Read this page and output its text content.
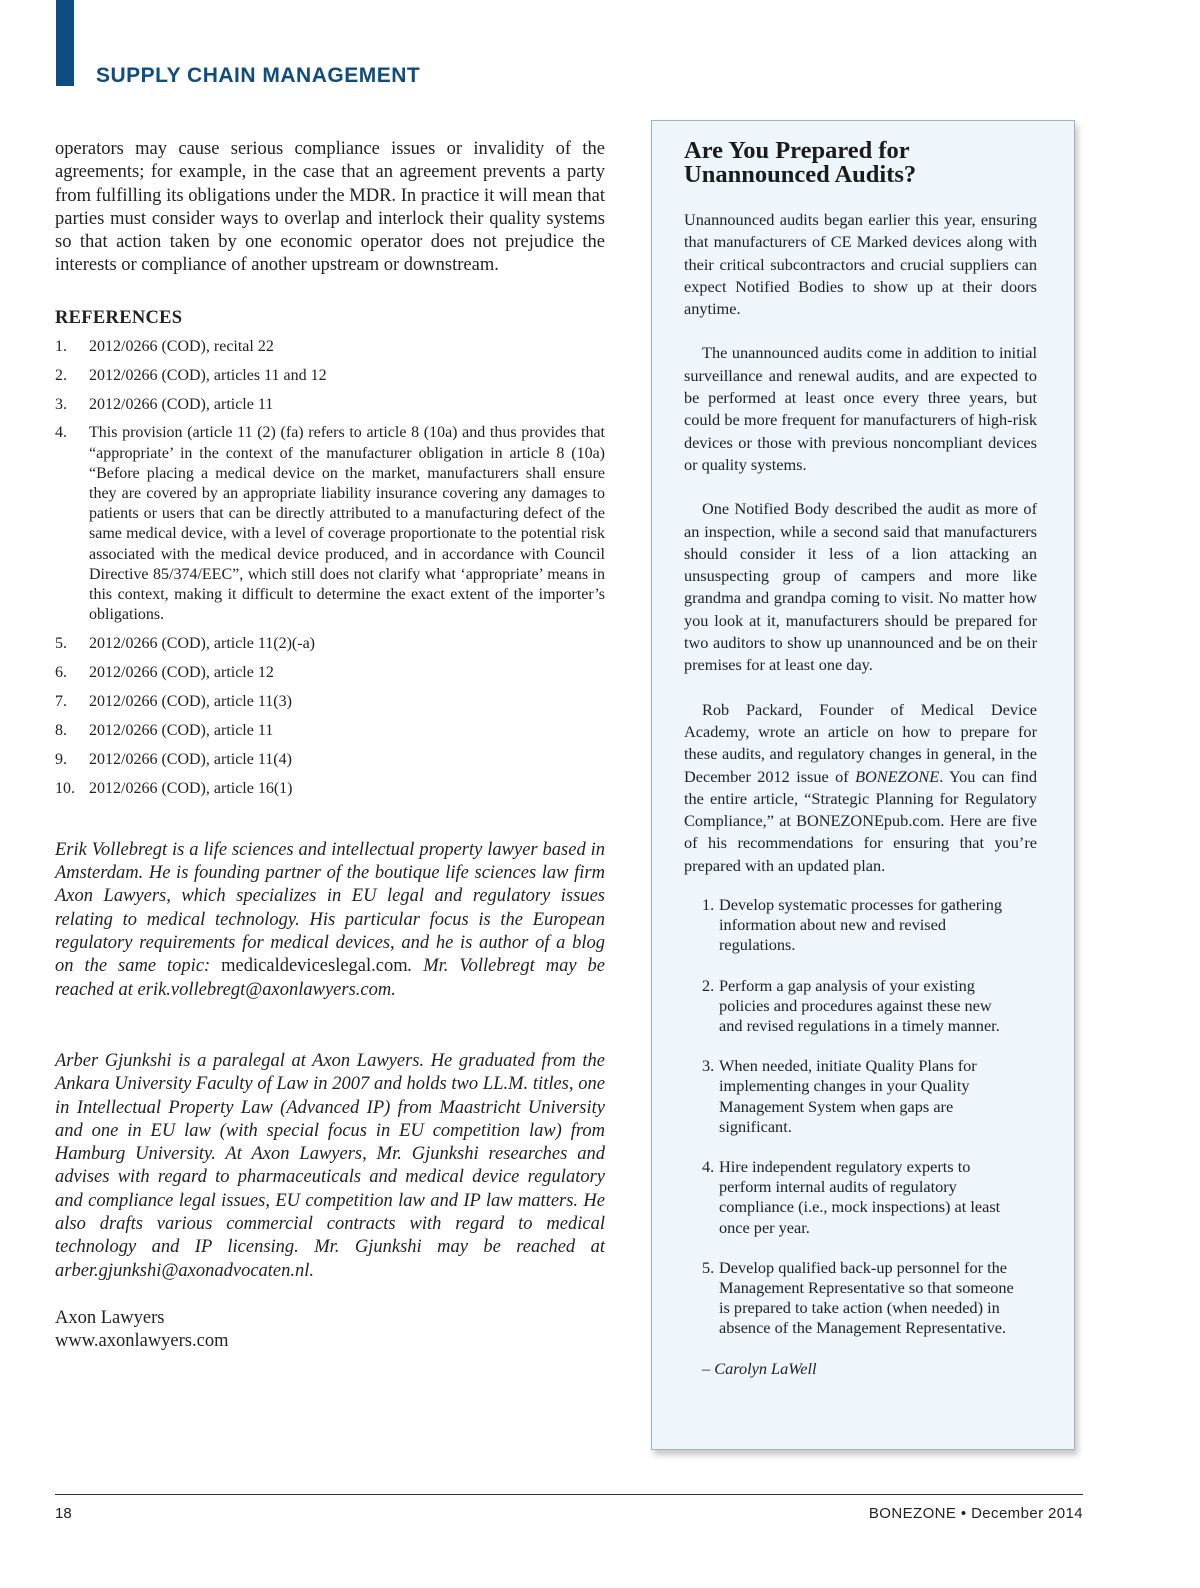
SUPPLY CHAIN MANAGEMENT

operators may cause serious compliance issues or invalidity of the agreements; for example, in the case that an agreement prevents a party from fulfilling its obligations under the MDR. In practice it will mean that parties must consider ways to overlap and interlock their quality systems so that action taken by one economic operator does not prejudice the interests or compliance of another upstream or downstream.

REFERENCES
1. 2012/0266 (COD), recital 22
2. 2012/0266 (COD), articles 11 and 12
3. 2012/0266 (COD), article 11
4. This provision (article 11 (2) (fa) refers to article 8 (10a) and thus provides that “appropriate’ in the context of the manufacturer obligation in article 8 (10a) “Before placing a medical device on the market, manufacturers shall ensure they are covered by an appropriate liability insurance covering any damages to patients or users that can be directly attributed to a manufacturing defect of the same medical device, with a level of coverage proportionate to the potential risk associated with the medical device produced, and in accordance with Council Directive 85/374/EEC”, which still does not clarify what ‘appropriate’ means in this context, making it difficult to determine the exact extent of the importer’s obligations.
5. 2012/0266 (COD), article 11(2)(-a)
6. 2012/0266 (COD), article 12
7. 2012/0266 (COD), article 11(3)
8. 2012/0266 (COD), article 11
9. 2012/0266 (COD), article 11(4)
10. 2012/0266 (COD), article 16(1)

Erik Vollebregt is a life sciences and intellectual property lawyer based in Amsterdam. He is founding partner of the boutique life sciences law firm Axon Lawyers, which specializes in EU legal and regulatory issues relating to medical technology. His particular focus is the European regulatory requirements for medical devices, and he is author of a blog on the same topic: medicaldeviceslegal.com. Mr. Vollebregt may be reached at erik.vollebregt@axonlawyers.com.

Arber Gjunkshi is a paralegal at Axon Lawyers. He graduated from the Ankara University Faculty of Law in 2007 and holds two LL.M. titles, one in Intellectual Property Law (Advanced IP) from Maastricht University and one in EU law (with special focus in EU competition law) from Hamburg University. At Axon Lawyers, Mr. Gjunkshi researches and advises with regard to pharmaceuticals and medical device regulatory and compliance legal issues, EU competition law and IP law matters. He also drafts various commercial contracts with regard to medical technology and IP licensing. Mr. Gjunkshi may be reached at arber.gjunkshi@axonadvocaten.nl.

Axon Lawyers
www.axonlawyers.com
Are You Prepared for
Unannounced Audits?

Unannounced audits began earlier this year, ensuring that manufacturers of CE Marked devices along with their critical subcontractors and crucial suppliers can expect Notified Bodies to show up at their doors anytime.

The unannounced audits come in addition to initial surveillance and renewal audits, and are expected to be performed at least once every three years, but could be more frequent for manufacturers of high-risk devices or those with previous noncompliant devices or quality systems.

One Notified Body described the audit as more of an inspection, while a second said that manufacturers should consider it less of a lion attacking an unsuspecting group of campers and more like grandma and grandpa coming to visit. No matter how you look at it, manufacturers should be prepared for two auditors to show up unannounced and be on their premises for at least one day.

Rob Packard, Founder of Medical Device Academy, wrote an article on how to prepare for these audits, and regulatory changes in general, in the December 2012 issue of BONEZONE. You can find the entire article, “Strategic Planning for Regulatory Compliance,” at BONEZONEpub.com. Here are five of his recommendations for ensuring that you’re prepared with an updated plan.

1. Develop systematic processes for gathering information about new and revised regulations.
2. Perform a gap analysis of your existing policies and procedures against these new and revised regulations in a timely manner.
3. When needed, initiate Quality Plans for implementing changes in your Quality Management System when gaps are significant.
4. Hire independent regulatory experts to perform internal audits of regulatory compliance (i.e., mock inspections) at least once per year.
5. Develop qualified back-up personnel for the Management Representative so that someone is prepared to take action (when needed) in absence of the Management Representative.
– Carolyn LaWell
18	BONEZONE • December 2014
